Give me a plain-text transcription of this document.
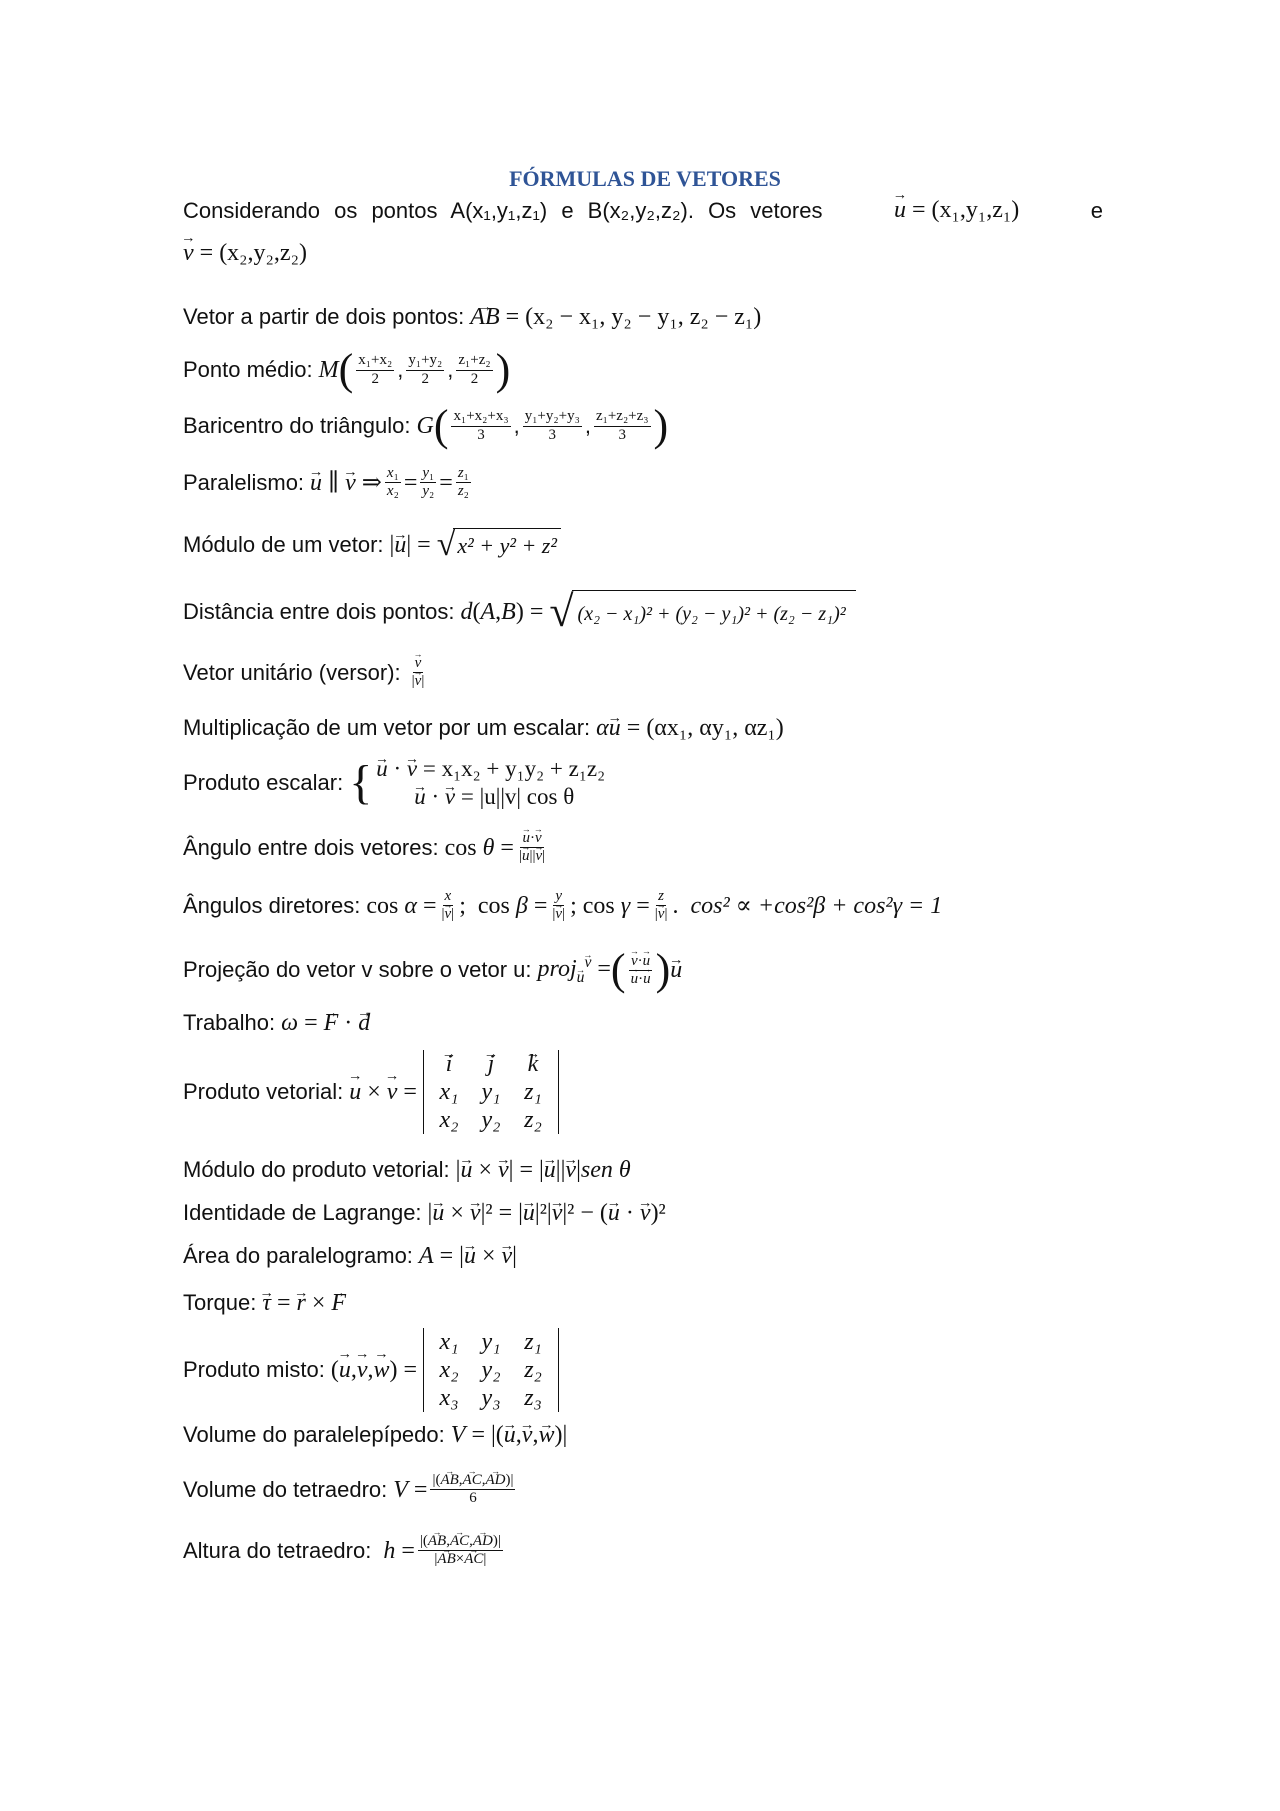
FÓRMULAS DE VETORES
Considerando os pontos A(x₁,y₁,z₁) e B(x₂,y₂,z₂). Os vetores	u → = (x₁,y₁,z₁)	e
v → = (x₂,y₂,z₂)
Vetor a partir de dois pontos: AB → = (x₂ − x₁, y₂ − y₁, z₂ − z₁)
Ponto médio: M ( $\frac{\text{x₁+x₂}}{2}$ , $\frac{\text{y₁+y₂}}{2}$ , $\frac{\text{z₁+z₂}}{2}$ )
Baricentro do triângulo: G ( $\frac{\text{x₁+x₂+x₃}}{3}$ , $\frac{\text{y₁+y₂+y₃}}{3}$ , $\frac{\text{z₁+z₂+z₃}}{3}$ )
Paralelismo: u → ∥ v → ⇒ $\frac{\text{x₁}}{\text{x₂}} = \frac{\text{y₁}}{\text{y₂}} = \frac{\text{z₁}}{\text{z₂}}$
Módulo de um vetor: |u →| = √ x² + y² + z²
Distância entre dois pontos: d(A,B) = √ (x₂ − x₁)² + (y₂ − y₁)² + (z₂ − z₁)²
Vetor unitário (versor): $\frac{v \to}{|v \to|}$
Multiplicação de um vetor por um escalar: αu → = (αx₁, αy₁, αz₁)
Produto escalar: { u → · v → = x₁x₂ + y₁y₂ + z₁z₂
u → · v → = |u||v| cos θ
Ângulo entre dois vetores: $\cos \theta = \frac{u \to\cdot v \to}{|u \to||v \to|}$
Ângulos diretores: $\cos \alpha = \frac{x}{|v \to|}$ ;  $\cos \beta = \frac{y}{|v \to|}$ ; $\cos \gamma = \frac{z}{|v \to|}$ .  cos² ∝ +cos²β + cos²γ = 1
Projeção do vetor v sobre o vetor u: proj$_u$ →$^v$ → = ( $\frac{v \to\cdot u \to}{u \to\cdot u}$ → ) u →
Trabalho: ω = F → · d →
Produto vetorial: u → × v → =
i →	j →	k →
x₁ y₁ z₁
x₂ y₂ z₂
Módulo do produto vetorial: |u → × v →| = |u →||v →|sen θ
Identidade de Lagrange: |u → × v →|² = |u →|²|v →|² − (u → · v →)²
Área do paralelogramo: A = |u → × v →|
Torque: τ → = r → × F →
Produto misto: (u →,v →,w →) =
x₁ y₁ z₁
x₂ y₂ z₂
x₃ y₃ z₃
Volume do paralelepípedo: V = |(u →,v →,w →)|
Volume do tetraedro: $V = \frac{|(AB \to,AC \to,AD \to)|}{6}$
Altura do tetraedro: $h = \frac{|(AB \to,AC \to,AD \to)|}{|AB \to\times AC \to|}$
